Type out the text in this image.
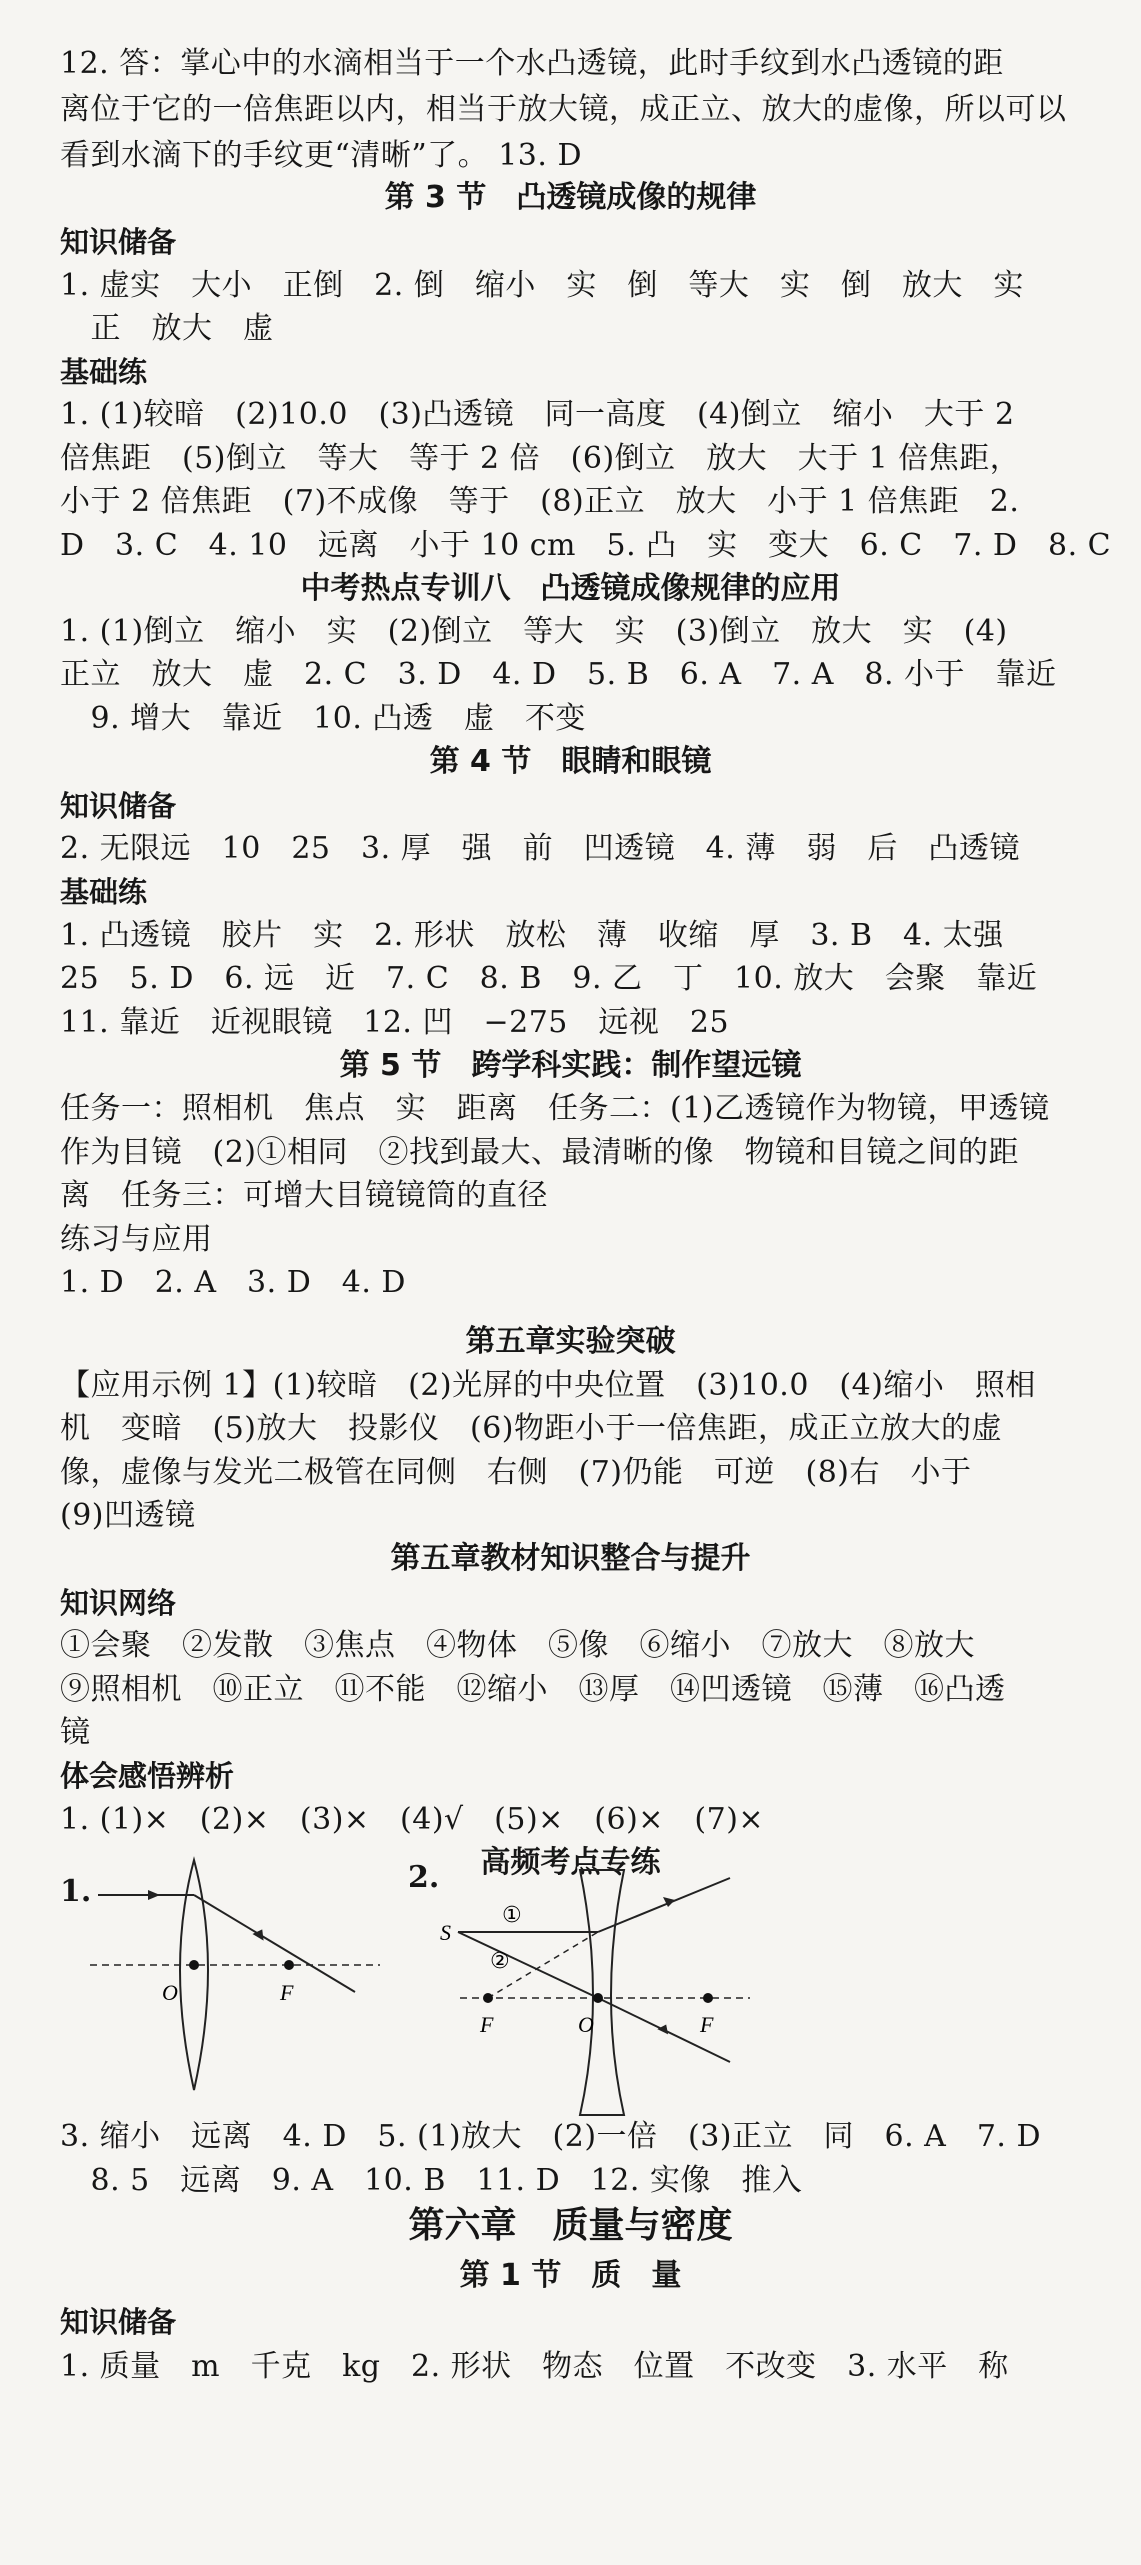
12. 答：掌心中的水滴相当于一个水凸透镜，此时手纹到水凸透镜的距
离位于它的一倍焦距以内，相当于放大镜，成正立、放大的虚像，所以可以
看到水滴下的手纹更“清晰”了。 13. D
第 3 节　凸透镜成像的规律
知识储备
1. 虚实　大小　正倒　2. 倒　缩小　实　倒　等大　实　倒　放大　实
　正　放大　虚
基础练
1. (1)较暗　(2)10.0　(3)凸透镜　同一高度　(4)倒立　缩小　大于 2
倍焦距　(5)倒立　等大　等于 2 倍　(6)倒立　放大　大于 1 倍焦距，
小于 2 倍焦距　(7)不成像　等于　(8)正立　放大　小于 1 倍焦距　2.
D　3. C　4. 10　远离　小于 10 cm　5. 凸　实　变大　6. C　7. D　8. C
中考热点专训八　凸透镜成像规律的应用
1. (1)倒立　缩小　实　(2)倒立　等大　实　(3)倒立　放大　实　(4)
正立　放大　虚　2. C　3. D　4. D　5. B　6. A　7. A　8. 小于　靠近
　9. 增大　靠近　10. 凸透　虚　不变
第 4 节　眼睛和眼镜
知识储备
2. 无限远　10　25　3. 厚　强　前　凹透镜　4. 薄　弱　后　凸透镜
基础练
1. 凸透镜　胶片　实　2. 形状　放松　薄　收缩　厚　3. B　4. 太强
25　5. D　6. 远　近　7. C　8. B　9. 乙　丁　10. 放大　会聚　靠近
11. 靠近　近视眼镜　12. 凹　−275　远视　25
第 5 节　跨学科实践：制作望远镜
任务一：照相机　焦点　实　距离　任务二：(1)乙透镜作为物镜，甲透镜
作为目镜　(2)①相同　②找到最大、最清晰的像　物镜和目镜之间的距
离　任务三：可增大目镜镜筒的直径
练习与应用
1. D　2. A　3. D　4. D
第五章实验突破
【应用示例 1】(1)较暗　(2)光屏的中央位置　(3)10.0　(4)缩小　照相
机　变暗　(5)放大　投影仪　(6)物距小于一倍焦距，成正立放大的虚
像，虚像与发光二极管在同侧　右侧　(7)仍能　可逆　(8)右　小于
(9)凹透镜
第五章教材知识整合与提升
知识网络
①会聚　②发散　③焦点　④物体　⑤像　⑥缩小　⑦放大　⑧放大
⑨照相机　⑩正立　⑪不能　⑫缩小　⑬厚　⑭凹透镜　⑮薄　⑯凸透
镜
体会感悟辨析
1. (1)×　(2)×　(3)×　(4)√　(5)×　(6)×　(7)×
高频考点专练
1.
O	F
2.
S
①
②
F	O	F
3. 缩小　远离　4. D　5. (1)放大　(2)一倍　(3)正立　同　6. A　7. D
　8. 5　远离　9. A　10. B　11. D　12. 实像　推入
第六章　质量与密度
第 1 节　质　量
知识储备
1. 质量　m　千克　kg　2. 形状　物态　位置　不改变　3. 水平　称
